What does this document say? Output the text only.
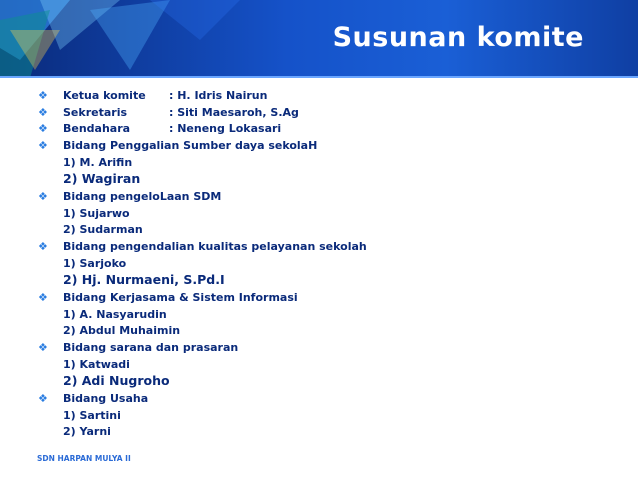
Susunan komite
❖	Ketua komite : H. Idris Nairun
❖	Sekretaris	: Siti Maesaroh, S.Ag
❖	Bendahara	: Neneng Lokasari
❖	Bidang Penggalian Sumber daya sekolaH
1) M. Arifin
2) Wagiran
❖	Bidang pengeloLaan SDM
1) Sujarwo
2) Sudarman
❖	Bidang pengendalian kualitas pelayanan sekolah
1) Sarjoko
2) Hj. Nurmaeni, S.Pd.I
❖	Bidang Kerjasama & Sistem Informasi
1) A. Nasyarudin
2) Abdul Muhaimin
❖	Bidang sarana dan prasaran
1) Katwadi
2) Adi Nugroho
❖	Bidang Usaha
1) Sartini
2) Yarni
SDN HARPAN MULYA II
